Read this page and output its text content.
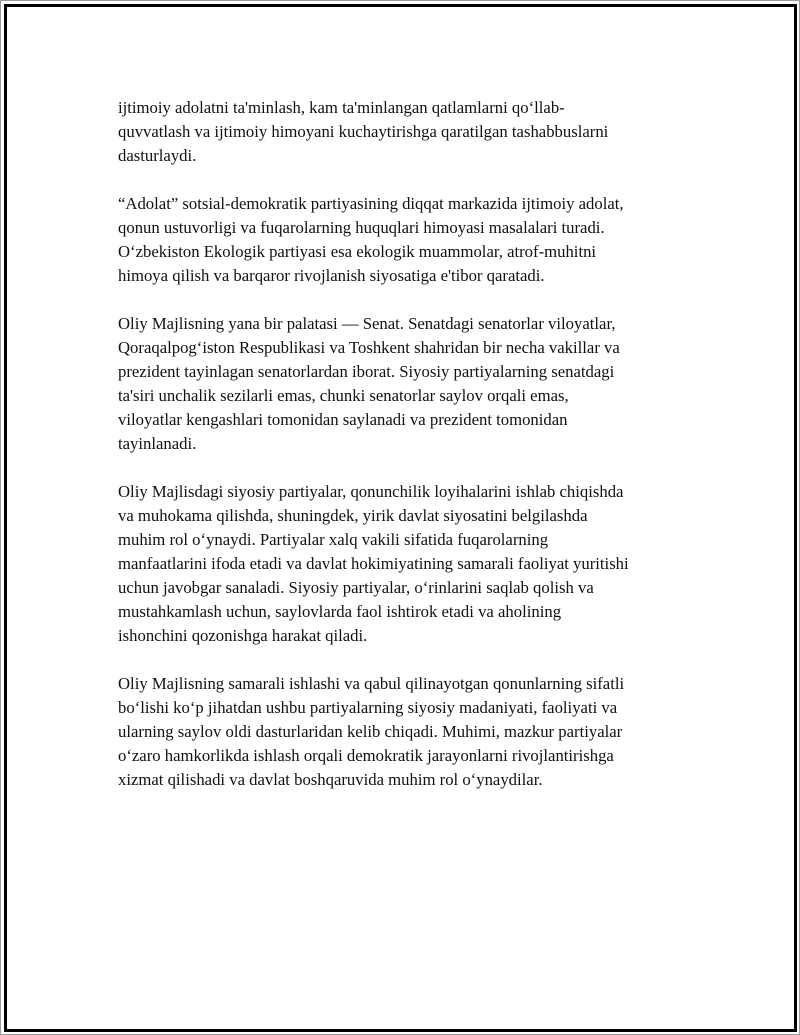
ijtimoiy adolatni ta'minlash, kam ta'minlangan qatlamlarni qo‘llab-
quvvatlash va ijtimoiy himoyani kuchaytirishga qaratilgan tashabbuslarni
dasturlaydi.

“Adolat” sotsial-demokratik partiyasining diqqat markazida ijtimoiy adolat,
qonun ustuvorligi va fuqarolarning huquqlari himoyasi masalalari turadi.
O‘zbekiston Ekologik partiyasi esa ekologik muammolar, atrof-muhitni
himoya qilish va barqaror rivojlanish siyosatiga e'tibor qaratadi.

Oliy Majlisning yana bir palatasi — Senat. Senatdagi senatorlar viloyatlar,
Qoraqalpog‘iston Respublikasi va Toshkent shahridan bir necha vakillar va
prezident tayinlagan senatorlardan iborat. Siyosiy partiyalarning senatdagi
ta'siri unchalik sezilarli emas, chunki senatorlar saylov orqali emas,
viloyatlar kengashlari tomonidan saylanadi va prezident tomonidan
tayinlanadi.

Oliy Majlisdagi siyosiy partiyalar, qonunchilik loyihalarini ishlab chiqishda
va muhokama qilishda, shuningdek, yirik davlat siyosatini belgilashda
muhim rol o‘ynaydi. Partiyalar xalq vakili sifatida fuqarolarning
manfaatlarini ifoda etadi va davlat hokimiyatining samarali faoliyat yuritishi
uchun javobgar sanaladi. Siyosiy partiyalar, o‘rinlarini saqlab qolish va
mustahkamlash uchun, saylovlarda faol ishtirok etadi va aholining
ishonchini qozonishga harakat qiladi.

Oliy Majlisning samarali ishlashi va qabul qilinayotgan qonunlarning sifatli
bo‘lishi ko‘p jihatdan ushbu partiyalarning siyosiy madaniyati, faoliyati va
ularning saylov oldi dasturlaridan kelib chiqadi. Muhimi, mazkur partiyalar
o‘zaro hamkorlikda ishlash orqali demokratik jarayonlarni rivojlantirishga
xizmat qilishadi va davlat boshqaruvida muhim rol o‘ynaydilar.
